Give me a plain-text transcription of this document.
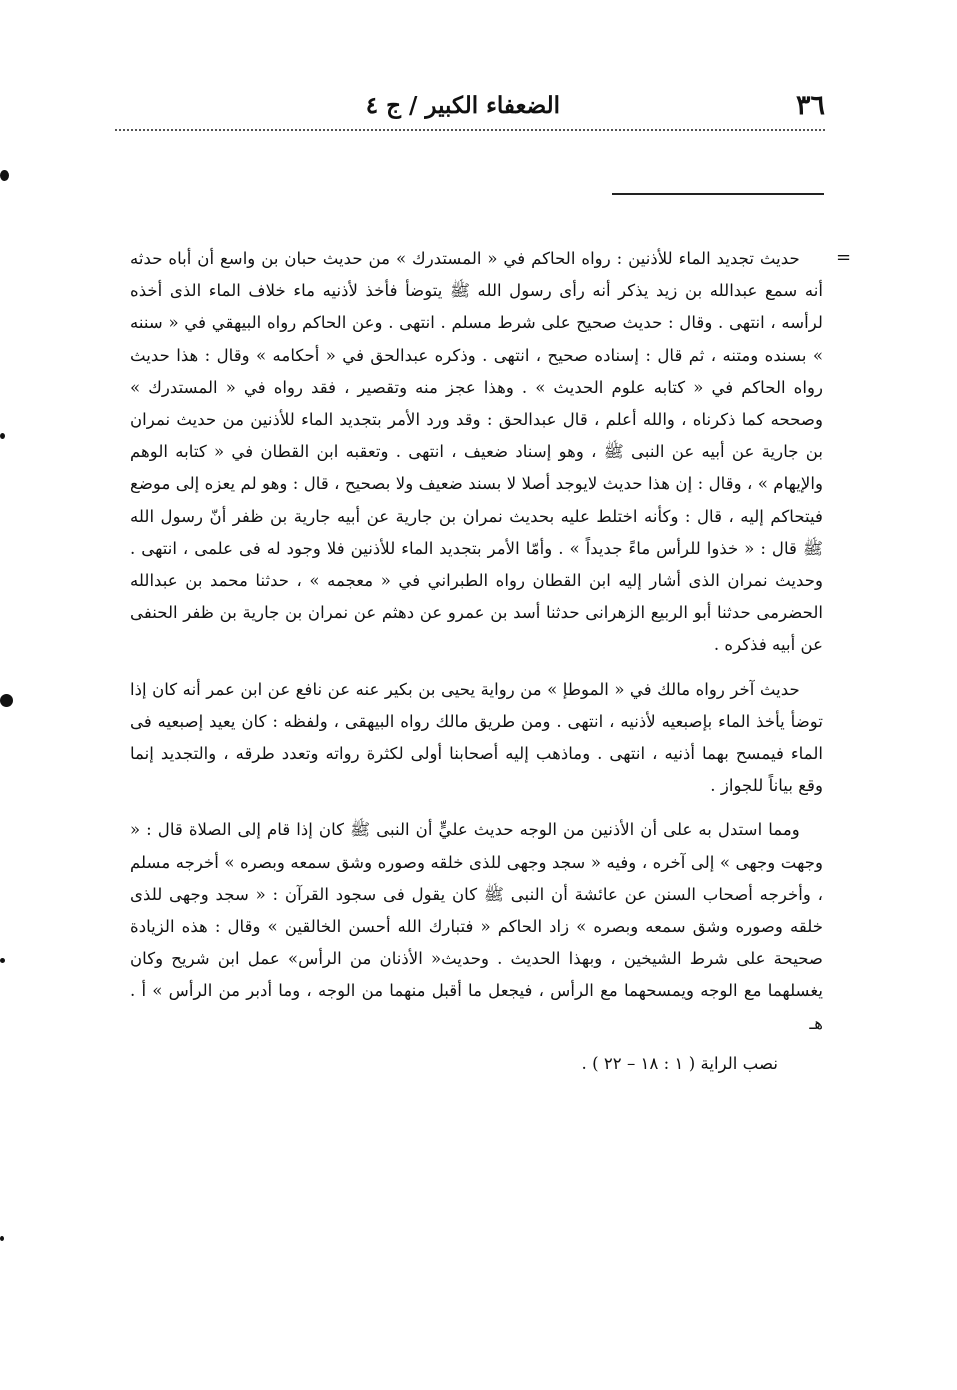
٣٦
الضعفاء الكبير / ج ٤
=

حديث تجديد الماء للأذنين : رواه الحاكم في « المستدرك » من حديث حبان بن واسع أن أباه حدثه أنه سمع عبدالله بن زيد يذكر أنه رأى رسول الله ﷺ يتوضأ فأخذ لأذنيه ماء خلاف الماء الذى أخذه لرأسه ، انتهى . وقال : حديث صحيح على شرط مسلم . انتهى . وعن الحاكم رواه البيهقي في « سننه » بسنده ومتنه ، ثم قال : إسناده صحيح ، انتهى . وذكره عبدالحق في « أحكامه » وقال : هذا حديث رواه الحاكم في « كتابه علوم الحديث » . وهذا عجز منه وتقصير ، فقد رواه في « المستدرك » وصححه كما ذكرناه ، والله أعلم ، قال عبدالحق : وقد ورد الأمر بتجديد الماء للأذنين من حديث نمران بن جارية عن أبيه عن النبى ﷺ ، وهو إسناد ضعيف ، انتهى . وتعقبه ابن القطان في « كتابه الوهم والإيهام » ، وقال : إن هذا حديث لايوجد أصلا لا بسند ضعيف ولا بصحيح ، قال : وهو لم يعزه إلى موضع فيتحاكم إليه ، قال : وكأنه اختلط عليه بحديث نمران بن جارية عن أبيه جارية بن ظفر أنّ رسول الله ﷺ قال : « خذوا للرأس ماءً جديداً » . وأمّا الأمر بتجديد الماء للأذنين فلا وجود له فى علمى ، انتهى . وحديث نمران الذى أشار إليه ابن القطان رواه الطبراني في « معجمه » ، حدثنا محمد بن عبدالله الحضرمى حدثنا أبو الربيع الزهرانى حدثنا أسد بن عمرو عن دهثم عن نمران بن جارية بن ظفر الحنفى عن أبيه فذكره .

حديث آخر رواه مالك في « الموطإ » من رواية يحيى بن بكير عنه عن نافع عن ابن عمر أنه كان إذا توضأ يأخذ الماء بإصبعيه لأذنيه ، انتهى . ومن طريق مالك رواه البيهقى ، ولفظه : كان يعيد إصبعيه فى الماء فيمسح بهما أذنيه ، انتهى . وماذهب إليه أصحابنا أولى لكثرة رواته وتعدد طرقه ، والتجديد إنما وقع بياناً للجواز .

ومما استدل به على أن الأذنين من الوجه حديث عليٍّ أن النبى ﷺ كان إذا قام إلى الصلاة قال : « وجهت وجهى » إلى آخره ، وفيه « سجد وجهى للذى خلقه وصوره وشق سمعه وبصره » أخرجه مسلم ، وأخرجه أصحاب السنن عن عائشة أن النبى ﷺ كان يقول فى سجود القرآن : « سجد وجهى للذى خلقه وصوره وشق سمعه وبصره » زاد الحاكم « فتبارك الله أحسن الخالقين » وقال : هذه الزيادة صحيحة على شرط الشيخين ، وبهذا الحديث . وحديث« الأذنان من الرأس» عمل ابن شريح وكان يغسلهما مع الوجه ويمسحهما مع الرأس ، فيجعل ما أقبل منهما من الوجه ، وما أدبر من الرأس » أ . هـ

نصب الراية ( ١ : ١٨ – ٢٢ ) .
